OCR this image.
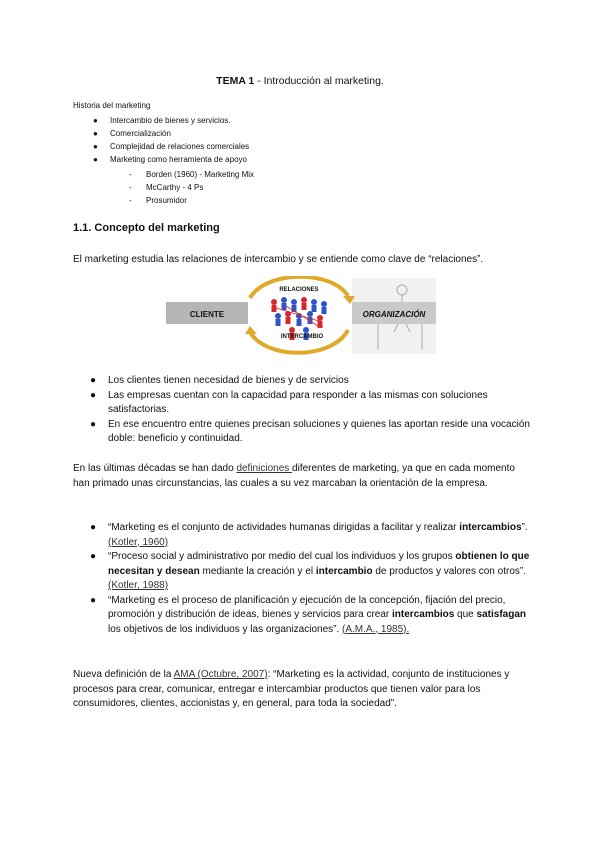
TEMA 1 - Introducción al marketing.
Historia del marketing
● Intercambio de bienes y servicios.
● Comercialización
● Complejidad de relaciones comerciales
● Marketing como herramienta de apoyo
- Borden (1960) - Marketing Mix
- McCarthy - 4 Ps
- Prosumidor
1.1. Concepto del marketing
El marketing estudia las relaciones de intercambio y se entiende como clave de “relaciones”.
CLIENTE	ORGANIZACIÓN
RELACIONES
INTERCAMBIO
● Los clientes tienen necesidad de bienes y de servicios
● Las empresas cuentan con la capacidad para responder a las mismas con soluciones satisfactorias.
● En ese encuentro entre quienes precisan soluciones y quienes las aportan reside una vocación doble: beneficio y continuidad.
En las últimas décadas se han dado definiciones diferentes de marketing, ya que en cada momento han primado unas circunstancias, las cuales a su vez marcaban la orientación de la empresa.
● “Marketing es el conjunto de actividades humanas dirigidas a facilitar y realizar intercambios”. (Kotler, 1960)
● “Proceso social y administrativo por medio del cual los individuos y los grupos obtienen lo que necesitan y desean mediante la creación y el intercambio de productos y valores con otros”. (Kotler, 1988)
● “Marketing es el proceso de planificación y ejecución de la concepción, fijación del precio, promoción y distribución de ideas, bienes y servicios para crear intercambios que satisfagan los objetivos de los individuos y las organizaciones”. (A.M.A., 1985).
Nueva definición de la AMA (Octubre, 2007): “Marketing es la actividad, conjunto de instituciones y procesos para crear, comunicar, entregar e intercambiar productos que tienen valor para los consumidores, clientes, accionistas y, en general, para toda la sociedad”.
